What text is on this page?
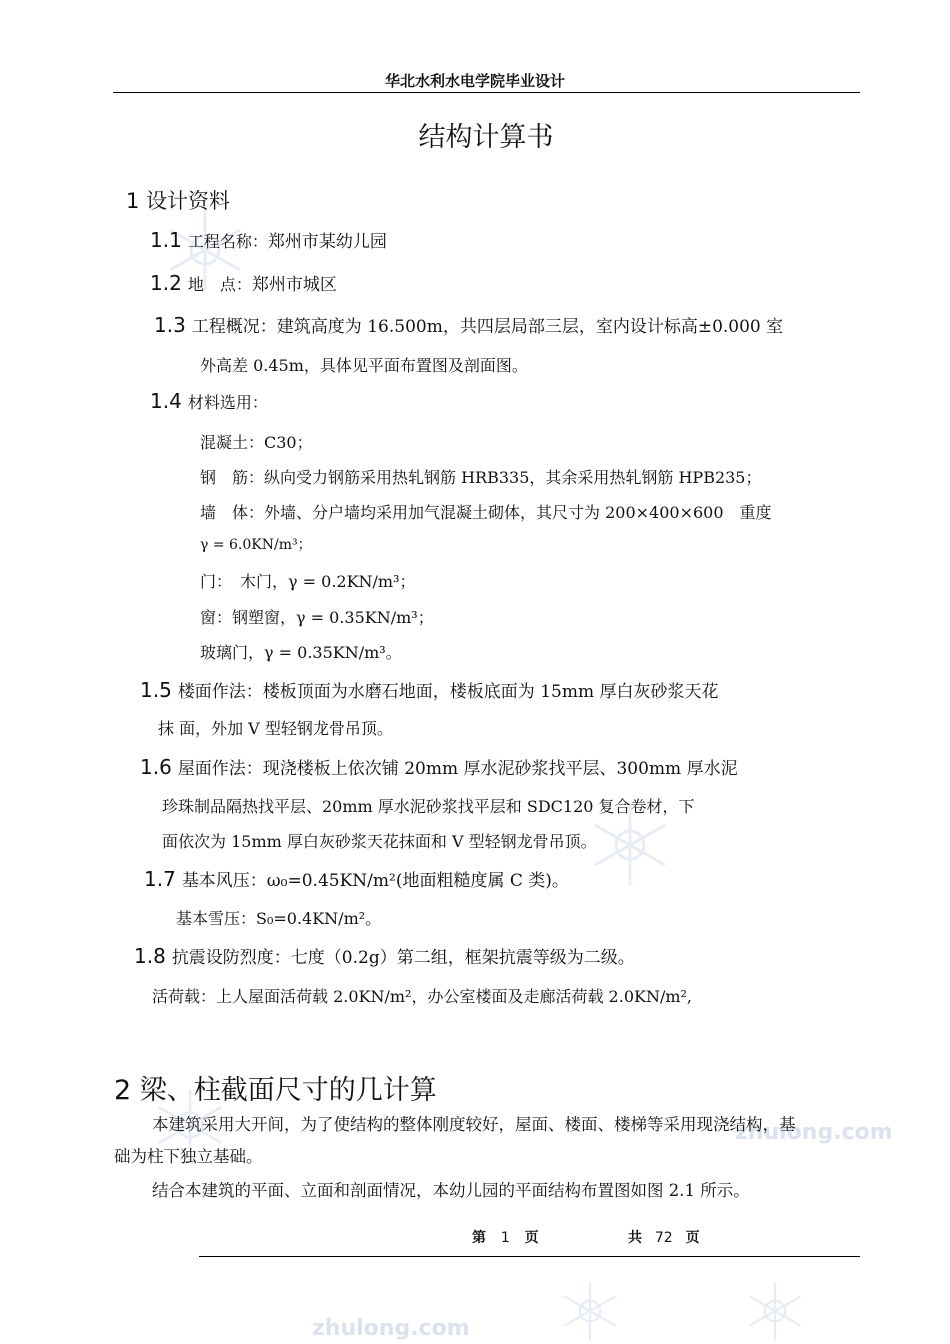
zhulong.com
zhulong.com
华北水利水电学院毕业设计
结构计算书
1 设计资料
1.1 工程名称：郑州市某幼儿园
1.2 地　点：郑州市城区
1.3 工程概况：建筑高度为 16.500m，共四层局部三层，室内设计标高±0.000 室
外高差 0.45m，具体见平面布置图及剖面图。
1.4 材料选用：
混凝土：C30；
钢　筋：纵向受力钢筋采用热轧钢筋 HRB335，其余采用热轧钢筋 HPB235；
墙　体：外墙、分户墙均采用加气混凝土砌体，其尺寸为 200×400×600　重度
γ = 6.0KN/m³；
门：　木门，γ = 0.2KN/m³；
窗：钢塑窗，γ = 0.35KN/m³；
玻璃门，γ = 0.35KN/m³。
1.5 楼面作法：楼板顶面为水磨石地面，楼板底面为 15mm 厚白灰砂浆天花
抹 面，外加 V 型轻钢龙骨吊顶。
1.6 屋面作法：现浇楼板上依次铺 20mm 厚水泥砂浆找平层、300mm 厚水泥
珍珠制品隔热找平层、20mm 厚水泥砂浆找平层和 SDC120 复合卷材，下
面依次为 15mm 厚白灰砂浆天花抹面和 V 型轻钢龙骨吊顶。
1.7 基本风压：ω₀=0.45KN/m²(地面粗糙度属 C 类)。
基本雪压：S₀=0.4KN/m²。
1.8 抗震设防烈度：七度（0.2g）第二组，框架抗震等级为二级。
活荷载：上人屋面活荷载 2.0KN/m²，办公室楼面及走廊活荷载 2.0KN/m²,
2 梁、柱截面尺寸的几计算
本建筑采用大开间，为了使结构的整体刚度较好，屋面、楼面、楼梯等采用现浇结构，基
础为柱下独立基础。
结合本建筑的平面、立面和剖面情况，本幼儿园的平面结构布置图如图 2.1 所示。
第 1 页	共 72 页
